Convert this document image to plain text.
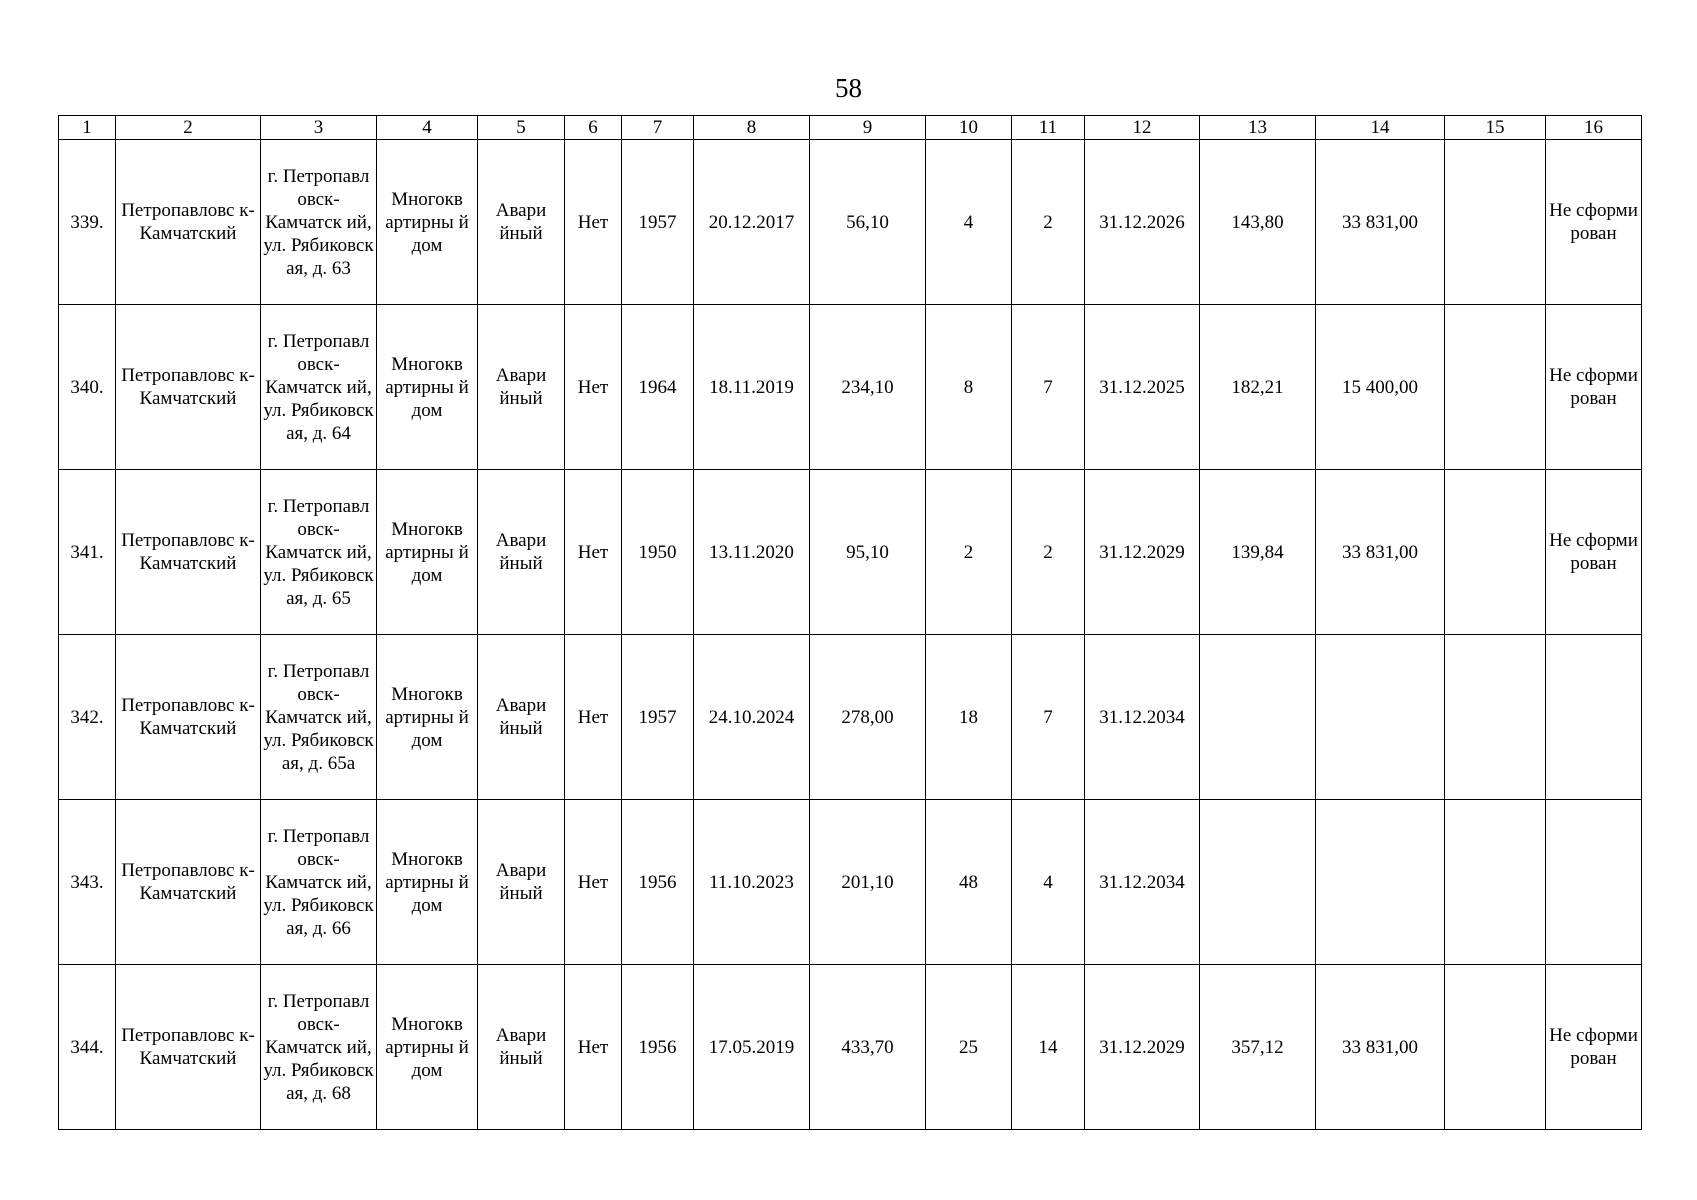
58
1	2	3	4	5	6	7	8	9	10	11	12	13	14	15	16
339.	Петропавловс к-Камчатский	г. Петропавл овск-Камчатск ий, ул. Рябиковск ая, д. 63	Многокв артирны й дом	Авари йный	Нет	1957	20.12.2017	56,10	4	2	31.12.2026	143,80	33 831,00		Не сформи рован
340.	Петропавловс к-Камчатский	г. Петропавл овск-Камчатск ий, ул. Рябиковск ая, д. 64	Многокв артирны й дом	Авари йный	Нет	1964	18.11.2019	234,10	8	7	31.12.2025	182,21	15 400,00		Не сформи рован
341.	Петропавловс к-Камчатский	г. Петропавл овск-Камчатск ий, ул. Рябиковск ая, д. 65	Многокв артирны й дом	Авари йный	Нет	1950	13.11.2020	95,10	2	2	31.12.2029	139,84	33 831,00		Не сформи рован
342.	Петропавловс к-Камчатский	г. Петропавл овск-Камчатск ий, ул. Рябиковск ая, д. 65а	Многокв артирны й дом	Авари йный	Нет	1957	24.10.2024	278,00	18	7	31.12.2034				
343.	Петропавловс к-Камчатский	г. Петропавл овск-Камчатск ий, ул. Рябиковск ая, д. 66	Многокв артирны й дом	Авари йный	Нет	1956	11.10.2023	201,10	48	4	31.12.2034				
344.	Петропавловс к-Камчатский	г. Петропавл овск-Камчатск ий, ул. Рябиковск ая, д. 68	Многокв артирны й дом	Авари йный	Нет	1956	17.05.2019	433,70	25	14	31.12.2029	357,12	33 831,00		Не сформи рован
